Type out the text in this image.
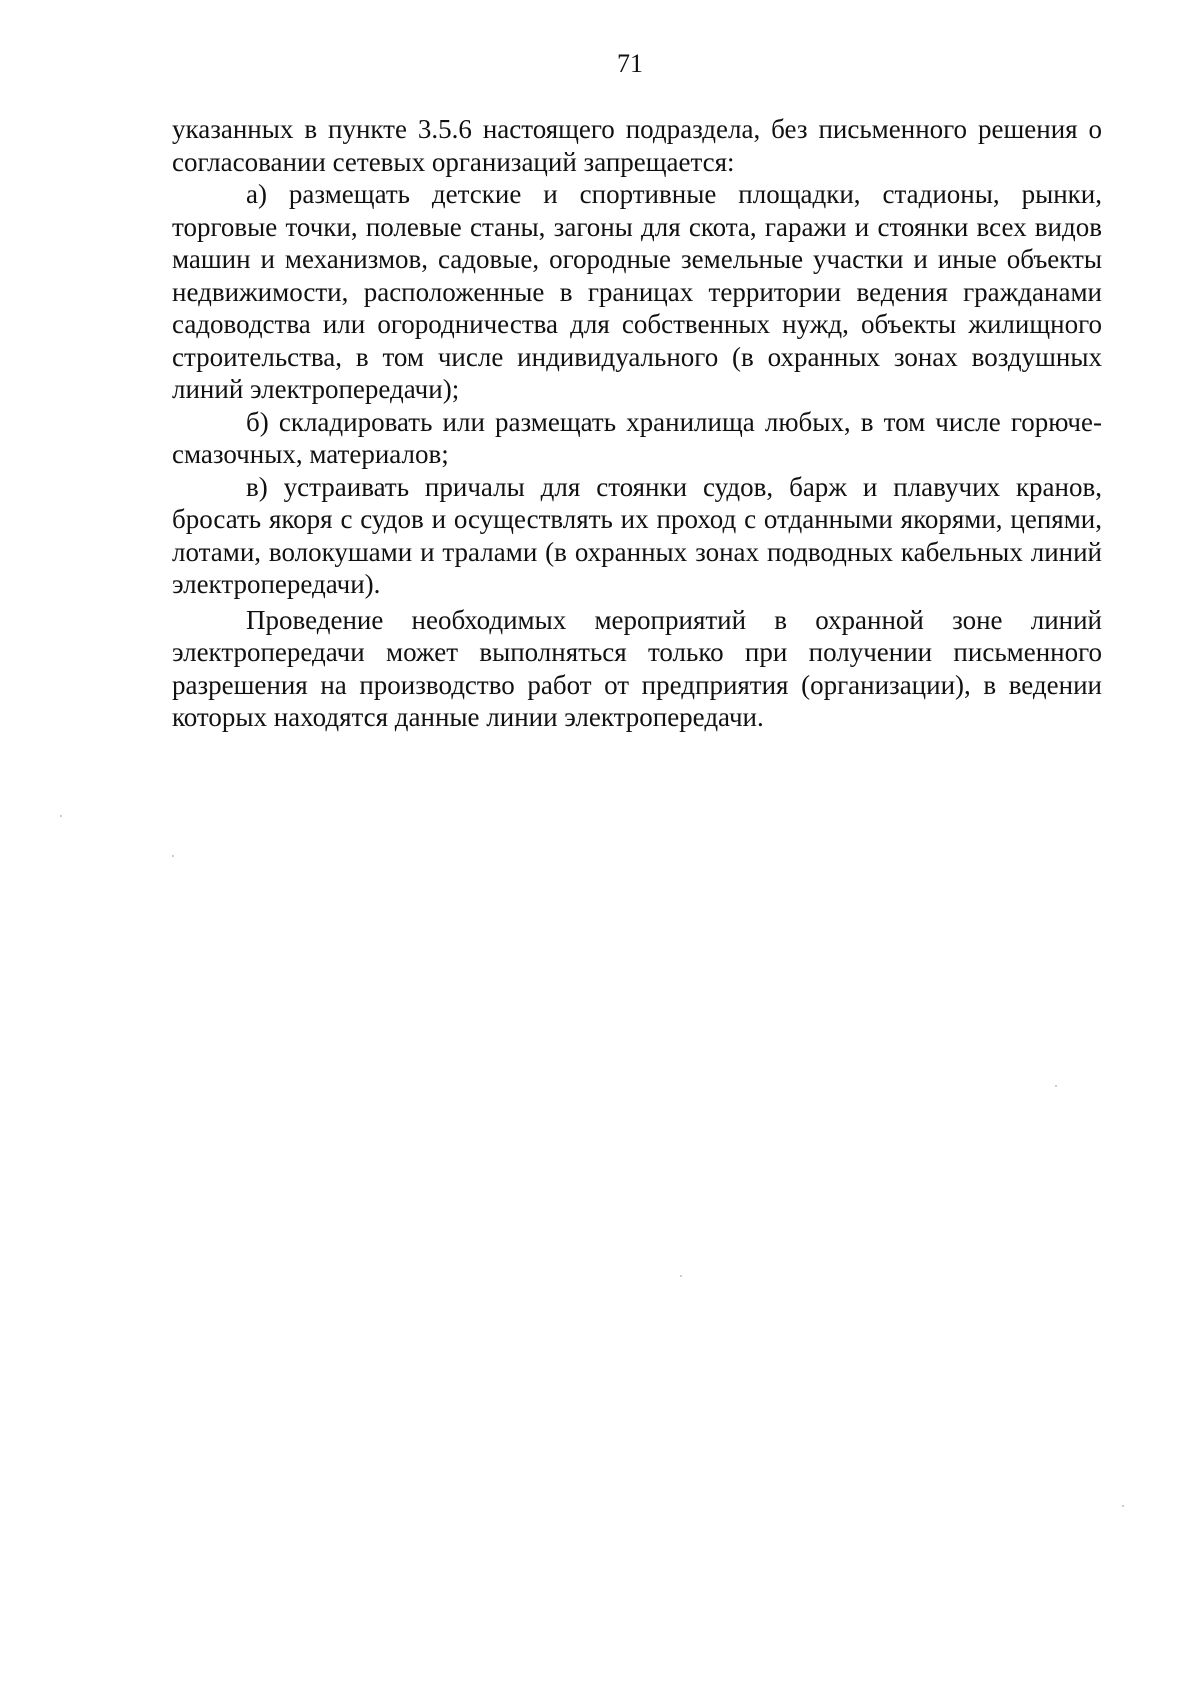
71

указанных в пункте 3.5.6 настоящего подраздела, без письменного решения о согласовании сетевых организаций запрещается:

а) размещать детские и спортивные площадки, стадионы, рынки, торговые точки, полевые станы, загоны для скота, гаражи и стоянки всех видов машин и механизмов, садовые, огородные земельные участки и иные объекты недвижимости, расположенные в границах территории ведения гражданами садоводства или огородничества для собственных нужд, объекты жилищного строительства, в том числе индивидуального (в охранных зонах воздушных линий электропередачи);

б) складировать или размещать хранилища любых, в том числе горюче-смазочных, материалов;

в) устраивать причалы для стоянки судов, барж и плавучих кранов, бросать якоря с судов и осуществлять их проход с отданными якорями, цепями, лотами, волокушами и тралами (в охранных зонах подводных кабельных линий электропередачи).

Проведение необходимых мероприятий в охранной зоне линий электропередачи может выполняться только при получении письменного разрешения на производство работ от предприятия (организации), в ведении которых находятся данные линии электропередачи.
